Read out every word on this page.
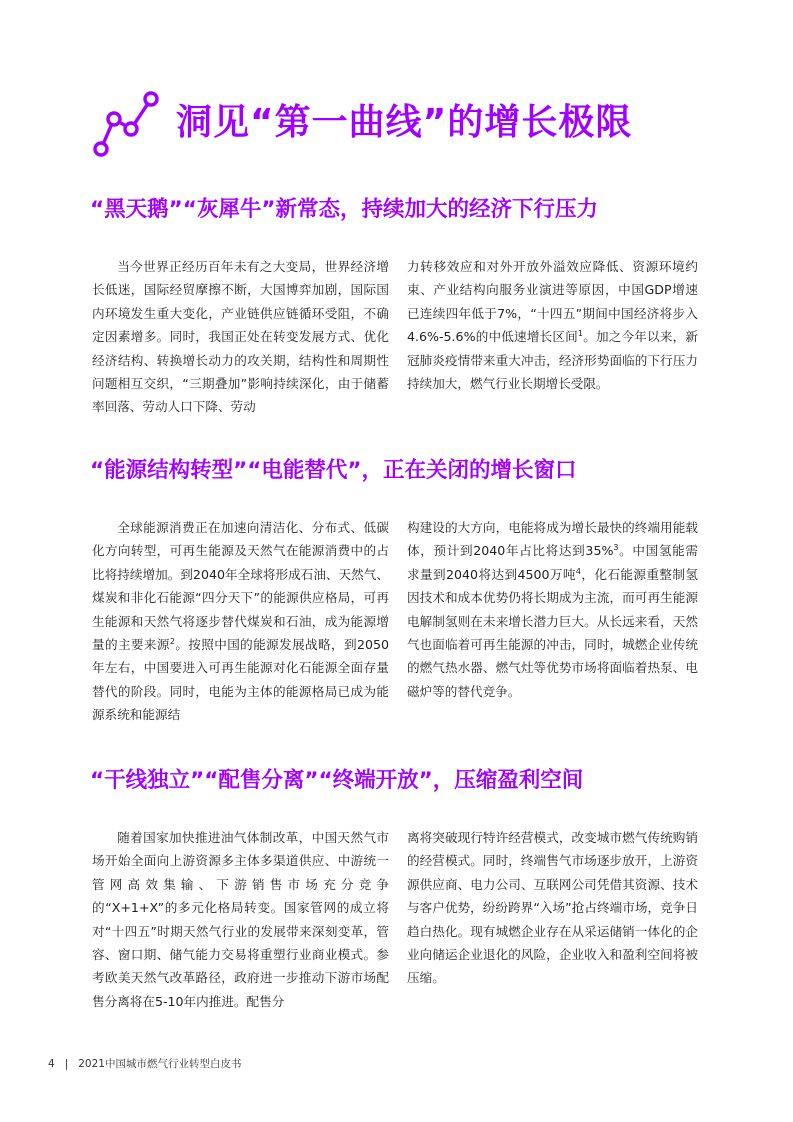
洞见“第一曲线”的增长极限
“黑天鹅”“灰犀牛”新常态，持续加大的经济下行压力

当今世界正经历百年未有之大变局，世界经济增长低迷，国际经贸摩擦不断，大国博弈加剧，国际国内环境发生重大变化，产业链供应链循环受阻，不确定因素增多。同时，我国正处在转变发展方式、优化经济结构、转换增长动力的攻关期，结构性和周期性问题相互交织，“三期叠加”影响持续深化，由于储蓄率回落、劳动人口下降、劳动

力转移效应和对外开放外溢效应降低、资源环境约束、产业结构向服务业演进等原因，中国GDP增速已连续四年低于7%，“十四五”期间中国经济将步入4.6%-5.6%的中低速增长区间$^1$。加之今年以来，新冠肺炎疫情带来重大冲击，经济形势面临的下行压力持续加大，燃气行业长期增长受限。

“能源结构转型”“电能替代”，正在关闭的增长窗口

全球能源消费正在加速向清洁化、分布式、低碳化方向转型，可再生能源及天然气在能源消费中的占比将持续增加。到2040年全球将形成石油、天然气、煤炭和非化石能源“四分天下”的能源供应格局，可再生能源和天然气将逐步替代煤炭和石油，成为能源增量的主要来源$^2$。按照中国的能源发展战略，到2050年左右，中国要进入可再生能源对化石能源全面存量替代的阶段。同时，电能为主体的能源格局已成为能源系统和能源结

构建设的大方向，电能将成为增长最快的终端用能载体，预计到2040年占比将达到35%$^3$。中国氢能需求量到2040将达到4500万吨$^4$，化石能源重整制氢因技术和成本优势仍将长期成为主流，而可再生能源电解制氢则在未来增长潜力巨大。从长远来看，天然气也面临着可再生能源的冲击，同时，城燃企业传统的燃气热水器、燃气灶等优势市场将面临着热泵、电磁炉等的替代竞争。

“干线独立”“配售分离”“终端开放”，压缩盈利空间

随着国家加快推进油气体制改革，中国天然气市场开始全面向上游资源多主体多渠道供应、中游统一管网高效集输、下游销售市场充分竞争的“X+1+X”的多元化格局转变。国家管网的成立将对“十四五”时期天然气行业的发展带来深刻变革，管容、窗口期、储气能力交易将重塑行业商业模式。参考欧美天然气改革路径，政府进一步推动下游市场配售分离将在5-10年内推进。配售分

离将突破现行特许经营模式，改变城市燃气传统购销的经营模式。同时，终端售气市场逐步放开，上游资源供应商、电力公司、互联网公司凭借其资源、技术与客户优势，纷纷跨界“入场”抢占终端市场，竞争日趋白热化。现有城燃企业存在从采运储销一体化的企业向储运企业退化的风险，企业收入和盈利空间将被压缩。

4 | 2021中国城市燃气行业转型白皮书
